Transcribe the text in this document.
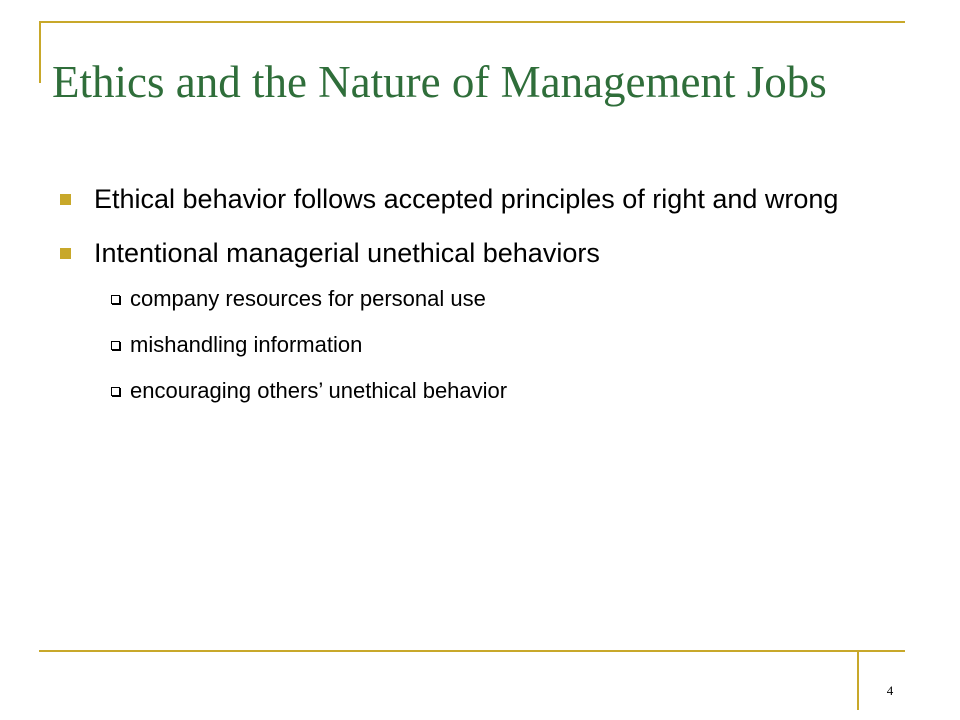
Ethics and the Nature of Management Jobs
Ethical behavior follows accepted principles of right and wrong
Intentional managerial unethical behaviors
company resources for personal use
mishandling information
encouraging others’ unethical behavior
4
